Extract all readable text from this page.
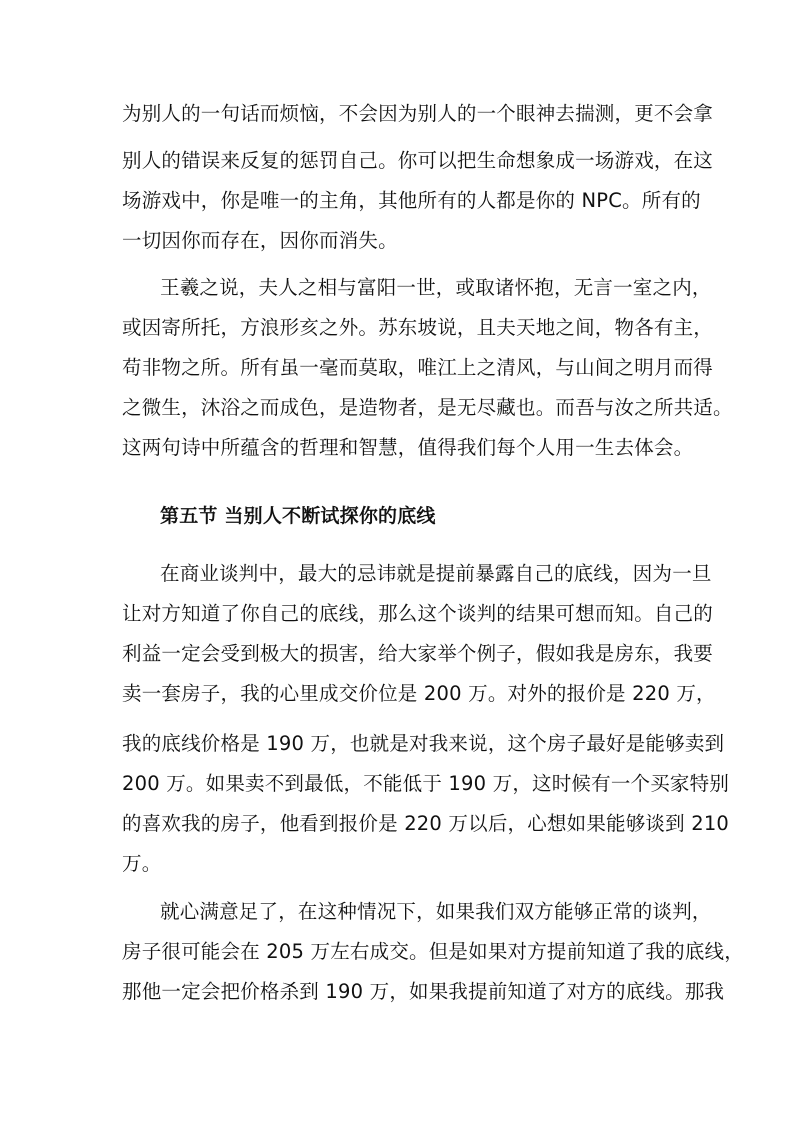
为别人的一句话而烦恼，不会因为别人的一个眼神去揣测，更不会拿
别人的错误来反复的惩罚自己。你可以把生命想象成一场游戏，在这
场游戏中，你是唯一的主角，其他所有的人都是你的 NPC。所有的
一切因你而存在，因你而消失。
王羲之说，夫人之相与富阳一世，或取诸怀抱，无言一室之内，
或因寄所托，方浪形亥之外。苏东坡说，且夫天地之间，物各有主，
苟非物之所。所有虽一毫而莫取，唯江上之清风，与山间之明月而得
之微生，沐浴之而成色，是造物者，是无尽藏也。而吾与汝之所共适。
这两句诗中所蕴含的哲理和智慧，值得我们每个人用一生去体会。
第五节 当别人不断试探你的底线
在商业谈判中，最大的忌讳就是提前暴露自己的底线，因为一旦
让对方知道了你自己的底线，那么这个谈判的结果可想而知。自己的
利益一定会受到极大的损害，给大家举个例子，假如我是房东，我要
卖一套房子，我的心里成交价位是 200 万。对外的报价是 220 万，
我的底线价格是 190 万，也就是对我来说，这个房子最好是能够卖到
200 万。如果卖不到最低，不能低于 190 万，这时候有一个买家特别
的喜欢我的房子，他看到报价是 220 万以后，心想如果能够谈到 210
万。
就心满意足了，在这种情况下，如果我们双方能够正常的谈判，
房子很可能会在 205 万左右成交。但是如果对方提前知道了我的底线，
那他一定会把价格杀到 190 万，如果我提前知道了对方的底线。那我
